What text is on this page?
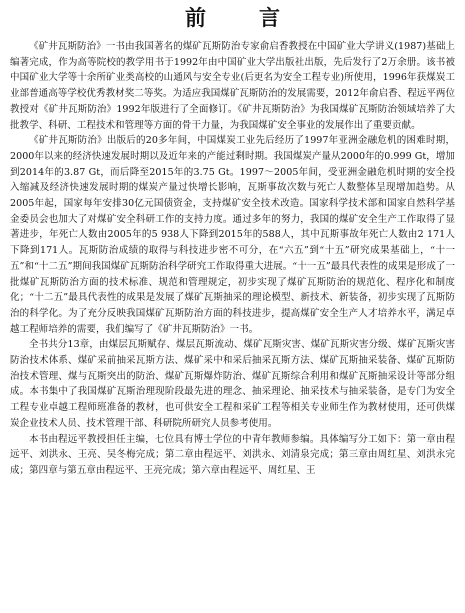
前　言

《矿井瓦斯防治》一书由我国著名的煤矿瓦斯防治专家俞启香教授在中国矿业大学讲义(1987)基础上编著完成，作为高等院校的教学用书于1992年由中国矿业大学出版社出版，先后发行了2万余册。该书被中国矿业大学等十余所矿业类高校的山通风与安全专业(后更名为安全工程专业)所使用，1996年获煤炭工业部普通高等学校优秀教材奖二等奖。为适应我国煤矿瓦斯防治的发展需要，2012年俞启香、程远平两位教授对《矿井瓦斯防治》1992年版进行了全面修订。《矿井瓦斯防治》为我国煤矿瓦斯防治领域培养了大批教学、科研、工程技术和管理等方面的骨干力量，为我国煤矿安全事业的发展作出了重要贡献。

《矿井瓦斯防治》出版后的20多年间，中国煤炭工业先后经历了1997年亚洲金融危机的困难时期，2000年以来的经济快速发展时期以及近年来的产能过剩时期。我国煤炭产量从2000年的0.999 Gt，增加到2014年的3.87 Gt，而后降至2015年的3.75 Gt。1997～2005年间，受亚洲金融危机时期的安全投入缩减及经济快速发展时期的煤炭产量过快增长影响，瓦斯事故次数与死亡人数整体呈现增加趋势。从2005年起，国家每年安排30亿元国债资金，支持煤矿安全技术改造。国家科学技术部和国家自然科学基金委员会也加大了对煤矿安全科研工作的支持力度。通过多年的努力，我国的煤矿安全生产工作取得了显著进步，年死亡人数由2005年的5 938人下降到2015年的588人，其中瓦斯事故年死亡人数由2 171人下降到171人。瓦斯防治成绩的取得与科技进步密不可分，在“六五”到“十五”研究成果基础上，“十一五”和“十二五”期间我国煤矿瓦斯防治科学研究工作取得重大进展。“十一五”最具代表性的成果是形成了一批煤矿瓦斯防治方面的技术标准、规范和管理规定，初步实现了煤矿瓦斯防治的规范化、程序化和制度化；“十二五”最具代表性的成果是发展了煤矿瓦斯抽采的理论模型、新技术、新装备，初步实现了瓦斯防治的科学化。为了充分反映我国煤矿瓦斯防治方面的科技进步，提高煤矿安全生产人才培养水平，满足卓越工程师培养的需要，我们编写了《矿井瓦斯防治》一书。

全书共分13章，由煤层瓦斯赋存、煤层瓦斯流动、煤矿瓦斯灾害、煤矿瓦斯灾害分级、煤矿瓦斯灾害防治技术体系、煤矿采前抽采瓦斯方法、煤矿采中和采后抽采瓦斯方法、煤矿瓦斯抽采装备、煤矿瓦斯防治技术管理、煤与瓦斯突出的防治、煤矿瓦斯爆炸防治、煤矿瓦斯综合利用和煤矿瓦斯抽采设计等部分组成。本书集中了我国煤矿瓦斯治理现阶段最先进的理念、抽采理论、抽采技术与抽采装备，是专门为安全工程专业卓越工程师班准备的教材，也可供安全工程和采矿工程等相关专业师生作为教材使用，还可供煤炭企业技术人员、技术管理干部、科研院所研究人员参考使用。

本书由程远平教授担任主编，七位具有博士学位的中青年教师参编。具体编写分工如下：第一章由程远平、刘洪永、王亮、吴冬梅完成；第二章由程远平、刘洪永、刘清泉完成；第三章由周红星、刘洪永完成；第四章与第五章由程远平、王亮完成；第六章由程远平、周红星、王
